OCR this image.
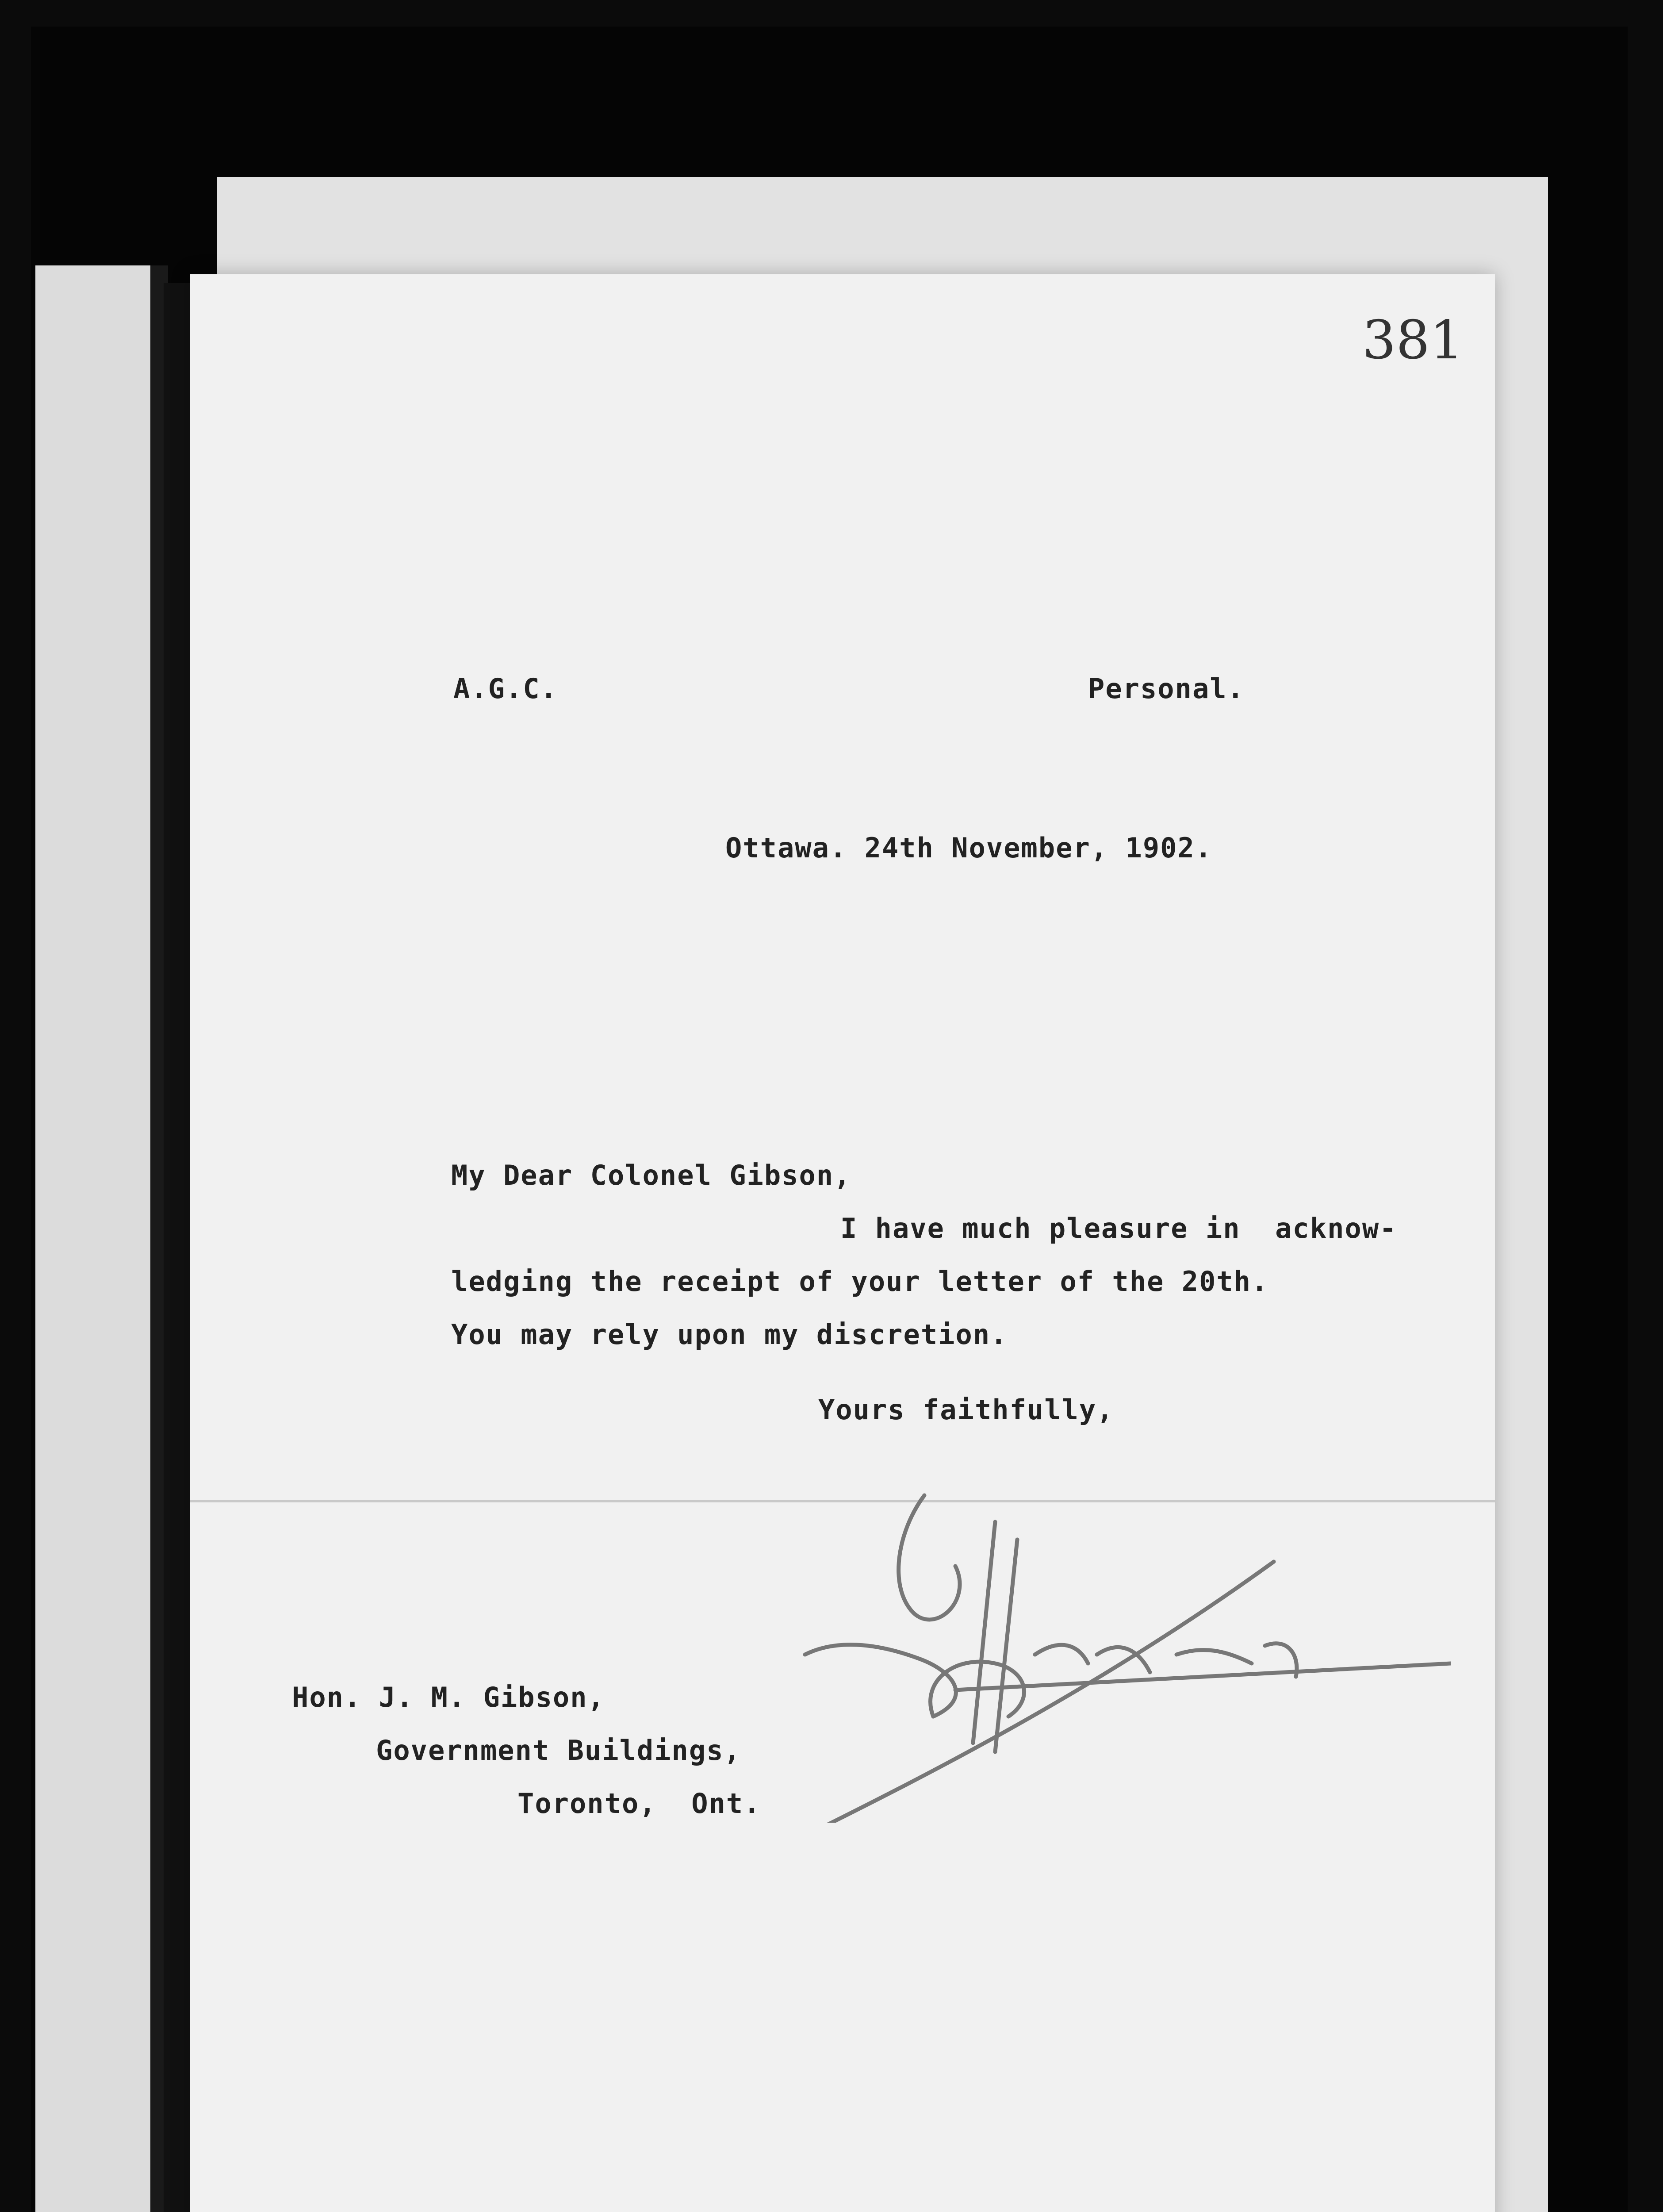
381
A.G.C.	Personal.
Ottawa. 24th November, 1902.
My Dear Colonel Gibson,
I have much pleasure in  acknow-
ledging the receipt of your letter of the 20th.
You may rely upon my discretion.
Yours faithfully,
Hon. J. M. Gibson,
Government Buildings,
Toronto,  Ont.
